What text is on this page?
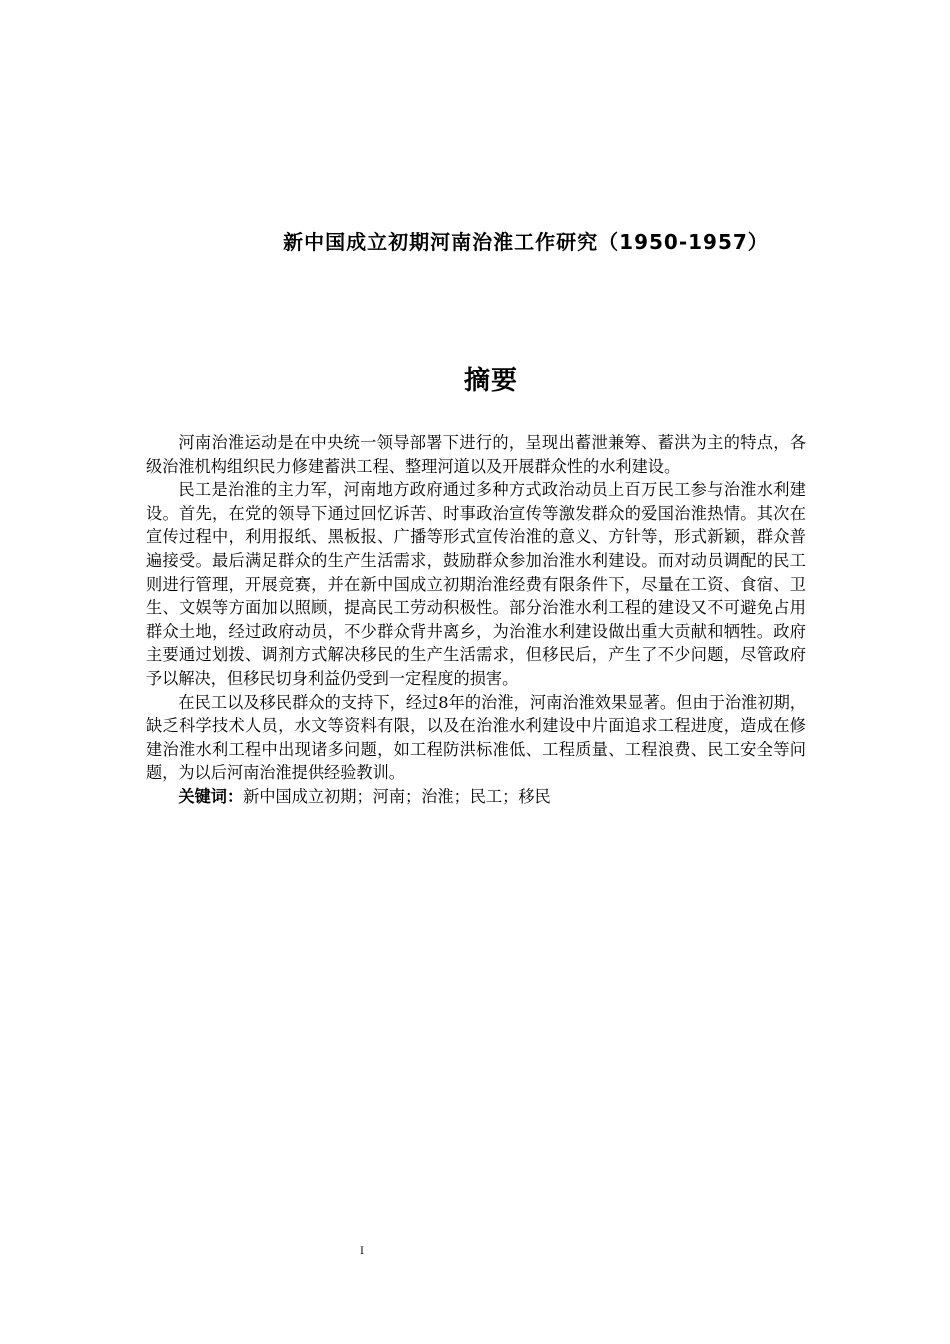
新中国成立初期河南治淮工作研究（1950-1957）
摘要

河南治淮运动是在中央统一领导部署下进行的，呈现出蓄泄兼筹、蓄洪为主的特点，各级治淮机构组织民力修建蓄洪工程、整理河道以及开展群众性的水利建设。

民工是治淮的主力军，河南地方政府通过多种方式政治动员上百万民工参与治淮水利建设。首先，在党的领导下通过回忆诉苦、时事政治宣传等激发群众的爱国治淮热情。其次在宣传过程中，利用报纸、黑板报、广播等形式宣传治淮的意义、方针等，形式新颖，群众普遍接受。最后满足群众的生产生活需求，鼓励群众参加治淮水利建设。而对动员调配的民工则进行管理，开展竞赛，并在新中国成立初期治淮经费有限条件下，尽量在工资、食宿、卫生、文娱等方面加以照顾，提高民工劳动积极性。部分治淮水利工程的建设又不可避免占用群众土地，经过政府动员，不少群众背井离乡，为治淮水利建设做出重大贡献和牺牲。政府主要通过划拨、调剂方式解决移民的生产生活需求，但移民后，产生了不少问题，尽管政府予以解决，但移民切身利益仍受到一定程度的损害。

在民工以及移民群众的支持下，经过8年的治淮，河南治淮效果显著。但由于治淮初期，缺乏科学技术人员，水文等资料有限，以及在治淮水利建设中片面追求工程进度，造成在修建治淮水利工程中出现诸多问题，如工程防洪标准低、工程质量、工程浪费、民工安全等问题，为以后河南治淮提供经验教训。

关键词：新中国成立初期；河南；治淮；民工；移民

I
